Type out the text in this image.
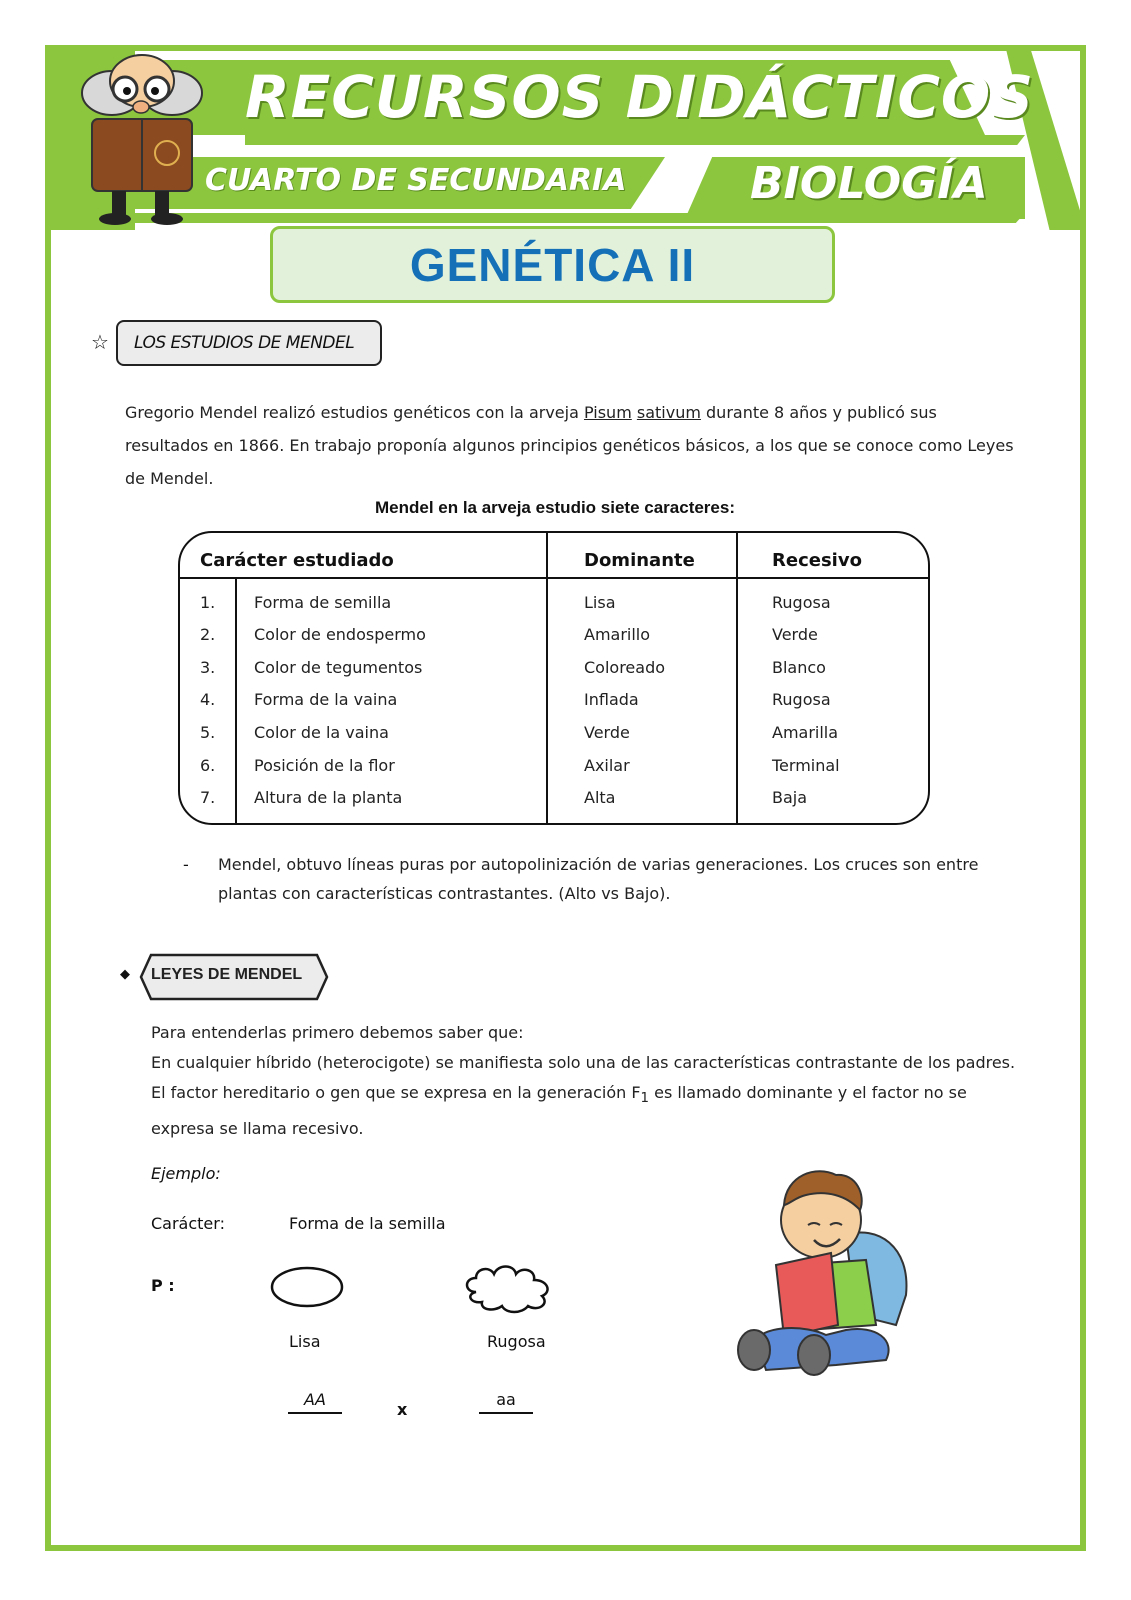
RECURSOS DIDÁCTICOS
CUARTO DE SECUNDARIA	BIOLOGÍA
GENÉTICA II
☆ LOS ESTUDIOS DE MENDEL
Gregorio Mendel realizó estudios genéticos con la arveja Pisum sativum durante 8 años y publicó sus resultados en 1866. En trabajo proponía algunos principios genéticos básicos, a los que se conoce como Leyes de Mendel.
Mendel en la arveja estudio siete caracteres:
Carácter estudiado	Dominante	Recesivo
1. Forma de semilla	Lisa	Rugosa
2. Color de endospermo	Amarillo	Verde
3. Color de tegumentos	Coloreado	Blanco
4. Forma de la vaina	Inflada	Rugosa
5. Color de la vaina	Verde	Amarilla
6. Posición de la flor	Axilar	Terminal
7. Altura de la planta	Alta	Baja
- Mendel, obtuvo líneas puras por autopolinización de varias generaciones. Los cruces son entre plantas con características contrastantes. (Alto vs Bajo).
◆ LEYES DE MENDEL
Para entenderlas primero debemos saber que:
En cualquier híbrido (heterocigote) se manifiesta solo una de las características contrastante de los padres. El factor hereditario o gen que se expresa en la generación $F_1$ es llamado dominante y el factor no se expresa se llama recesivo.
Ejemplo:
Carácter:	Forma de la semilla
P :
Lisa	Rugosa
AA
x
aa
